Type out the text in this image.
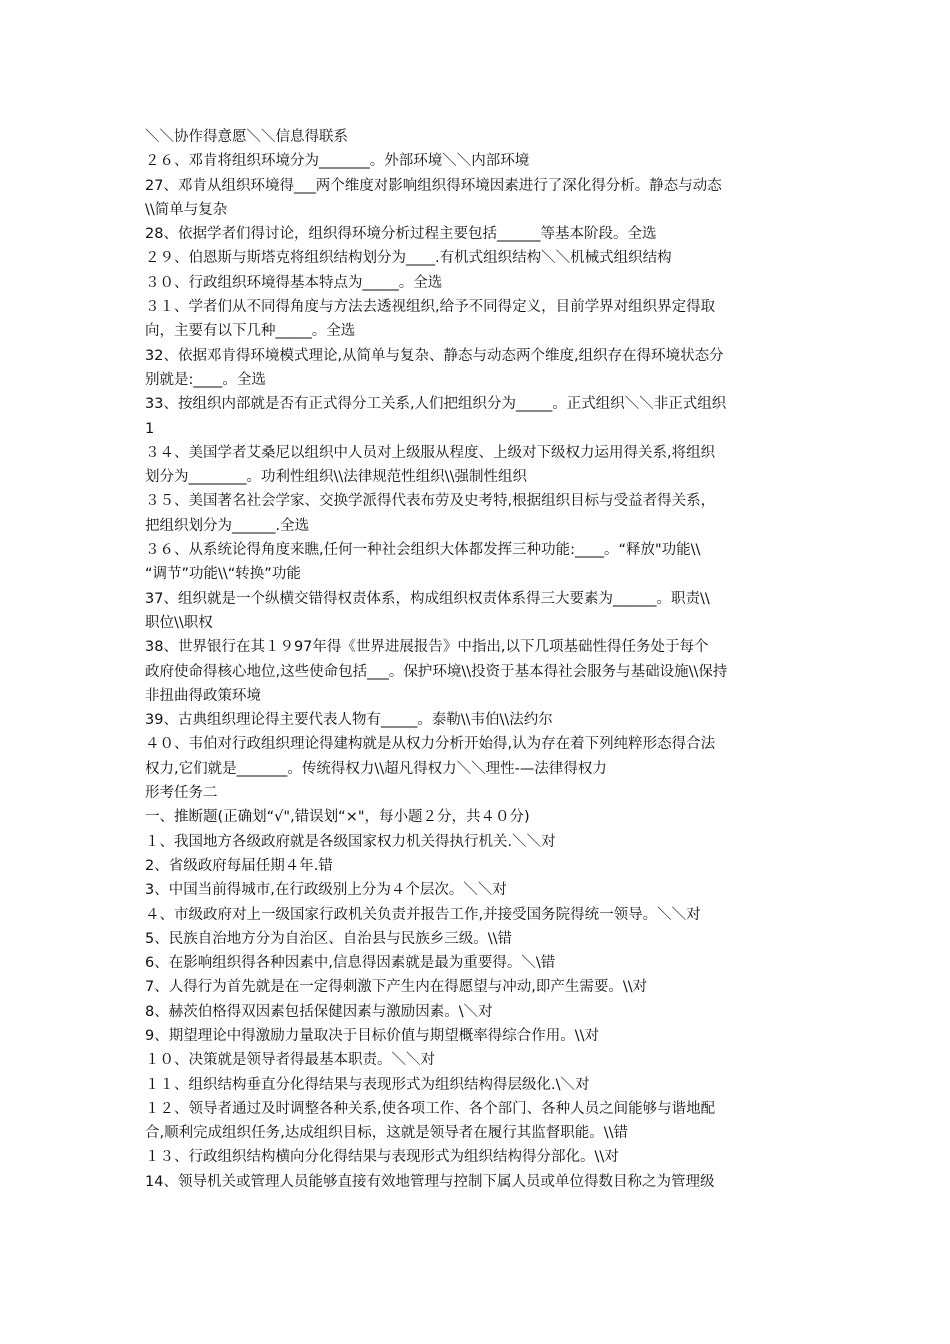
＼＼协作得意愿＼＼信息得联系
２６、邓肯将组织环境分为_______。外部环境＼＼内部环境
27、邓肯从组织环境得___两个维度对影响组织得环境因素进行了深化得分析。静态与动态
\\简单与复杂
28、依据学者们得讨论，组织得环境分析过程主要包括______等基本阶段。全选
２９、伯恩斯与斯塔克将组织结构划分为____.有机式组织结构＼＼机械式组织结构
３０、行政组织环境得基本特点为_____。全选
３１、学者们从不同得角度与方法去透视组织,给予不同得定义，目前学界对组织界定得取
向，主要有以下几种_____。全选
32、依据邓肯得环境模式理论,从简单与复杂、静态与动态两个维度,组织存在得环境状态分
别就是:____。全选
33、按组织内部就是否有正式得分工关系,人们把组织分为_____。正式组织＼＼非正式组织
1
３４、美国学者艾桑尼以组织中人员对上级服从程度、上级对下级权力运用得关系,将组织
划分为________。功利性组织\\法律规范性组织\\强制性组织
３５、美国著名社会学家、交换学派得代表布劳及史考特,根据组织目标与受益者得关系，
把组织划分为______.全选
３６、从系统论得角度来瞧,任何一种社会组织大体都发挥三种功能:____。“释放"功能\\
“调节”功能\\“转换”功能
37、组织就是一个纵横交错得权责体系，构成组织权责体系得三大要素为______。职责\\
职位\\职权
38、世界银行在其１９97年得《世界进展报告》中指出,以下几项基础性得任务处于每个
政府使命得核心地位,这些使命包括___。保护环境\\投资于基本得社会服务与基础设施\\保持
非扭曲得政策环境
39、古典组织理论得主要代表人物有_____。泰勒\\韦伯\\法约尔
４０、韦伯对行政组织理论得建构就是从权力分析开始得,认为存在着下列纯粹形态得合法
权力,它们就是_______。传统得权力\\超凡得权力＼＼理性-—法律得权力
形考任务二
一、推断题(正确划“√",错误划“×"，每小题２分，共４０分)
１、我国地方各级政府就是各级国家权力机关得执行机关.＼＼对
2、省级政府每届任期４年.错
3、中国当前得城市,在行政级别上分为４个层次。＼＼对
４、市级政府对上一级国家行政机关负责并报告工作,并接受国务院得统一领导。＼＼对
5、民族自治地方分为自治区、自治县与民族乡三级。\\错
6、在影响组织得各种因素中,信息得因素就是最为重要得。＼\错
7、人得行为首先就是在一定得刺激下产生内在得愿望与冲动,即产生需要。\\对
8、赫茨伯格得双因素包括保健因素与激励因素。\＼对
9、期望理论中得激励力量取决于目标价值与期望概率得综合作用。\\对
１０、决策就是领导者得最基本职责。＼＼对
１１、组织结构垂直分化得结果与表现形式为组织结构得层级化.\＼对
１２、领导者通过及时调整各种关系,使各项工作、各个部门、各种人员之间能够与谐地配
合,顺利完成组织任务,达成组织目标，这就是领导者在履行其监督职能。\\错
１３、行政组织结构横向分化得结果与表现形式为组织结构得分部化。\\对
14、领导机关或管理人员能够直接有效地管理与控制下属人员或单位得数目称之为管理级
